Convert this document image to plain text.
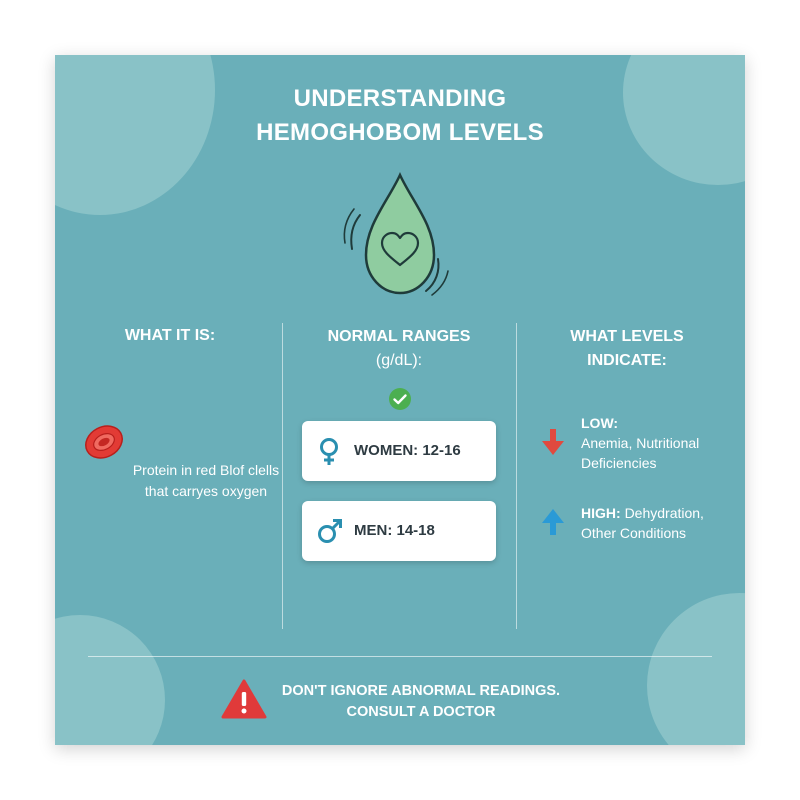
UNDERSTANDING
HEMOGHOBOM LEVELS
WHAT IT IS:
Protein in red Blof clells
that carryes oxygen
NORMAL RANGES
(g/dL):
WOMEN: 12-16
MEN: 14-18
WHAT LEVELS
INDICATE:
LOW:
Anemia, Nutritional
Deficiencies
HIGH: Dehydration,
Other Conditions
DON'T IGNORE ABNORMAL READINGS.
CONSULT A DOCTOR
